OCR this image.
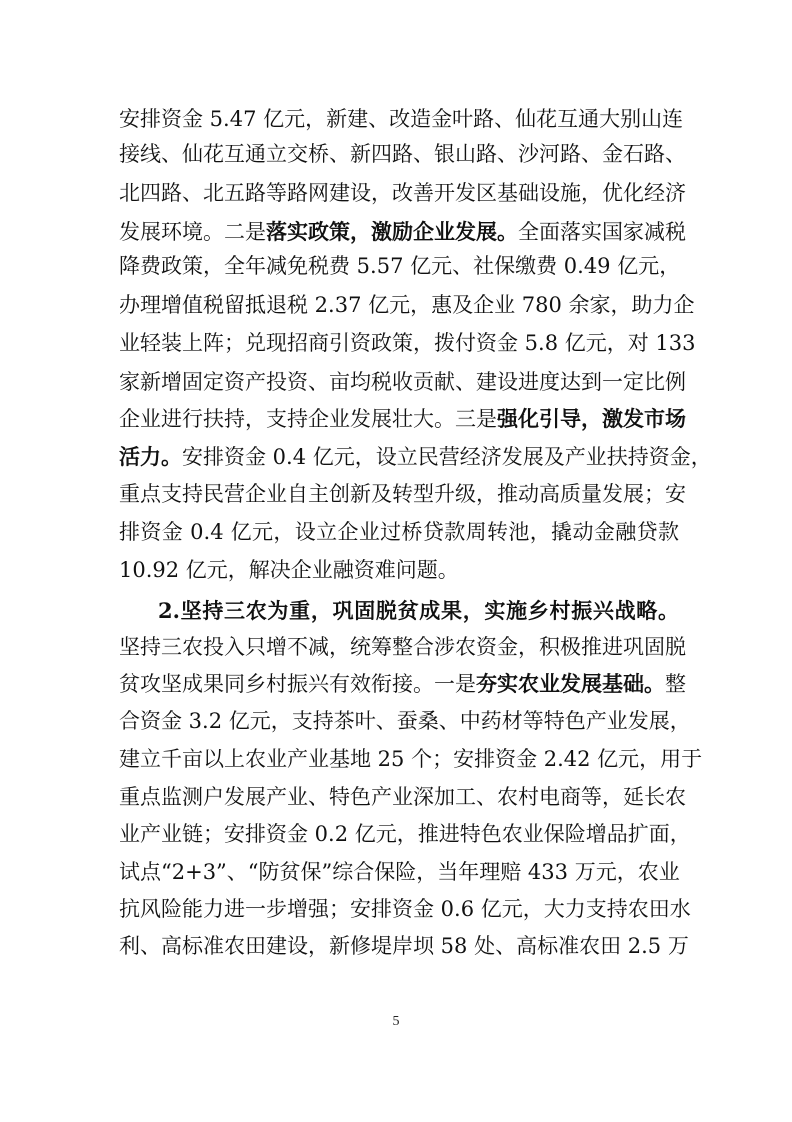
安排资金 5.47 亿元，新建、改造金叶路、仙花互通大别山连
接线、仙花互通立交桥、新四路、银山路、沙河路、金石路、
北四路、北五路等路网建设，改善开发区基础设施，优化经济
发展环境。二是落实政策，激励企业发展。全面落实国家减税
降费政策，全年减免税费 5.57 亿元、社保缴费 0.49 亿元，
办理增值税留抵退税 2.37 亿元，惠及企业 780 余家，助力企
业轻装上阵；兑现招商引资政策，拨付资金 5.8 亿元，对 133
家新增固定资产投资、亩均税收贡献、建设进度达到一定比例
企业进行扶持，支持企业发展壮大。三是强化引导，激发市场
活力。安排资金 0.4 亿元，设立民营经济发展及产业扶持资金，
重点支持民营企业自主创新及转型升级，推动高质量发展；安
排资金 0.4 亿元，设立企业过桥贷款周转池，撬动金融贷款
10.92 亿元，解决企业融资难问题。
2.坚持三农为重，巩固脱贫成果，实施乡村振兴战略。
坚持三农投入只增不减，统筹整合涉农资金，积极推进巩固脱
贫攻坚成果同乡村振兴有效衔接。一是夯实农业发展基础。整
合资金 3.2 亿元，支持茶叶、蚕桑、中药材等特色产业发展，
建立千亩以上农业产业基地 25 个；安排资金 2.42 亿元，用于
重点监测户发展产业、特色产业深加工、农村电商等，延长农
业产业链；安排资金 0.2 亿元，推进特色农业保险增品扩面，
试点“2+3”、“防贫保”综合保险，当年理赔 433 万元，农业
抗风险能力进一步增强；安排资金 0.6 亿元，大力支持农田水
利、高标准农田建设，新修堤岸坝 58 处、高标准农田 2.5 万
5
